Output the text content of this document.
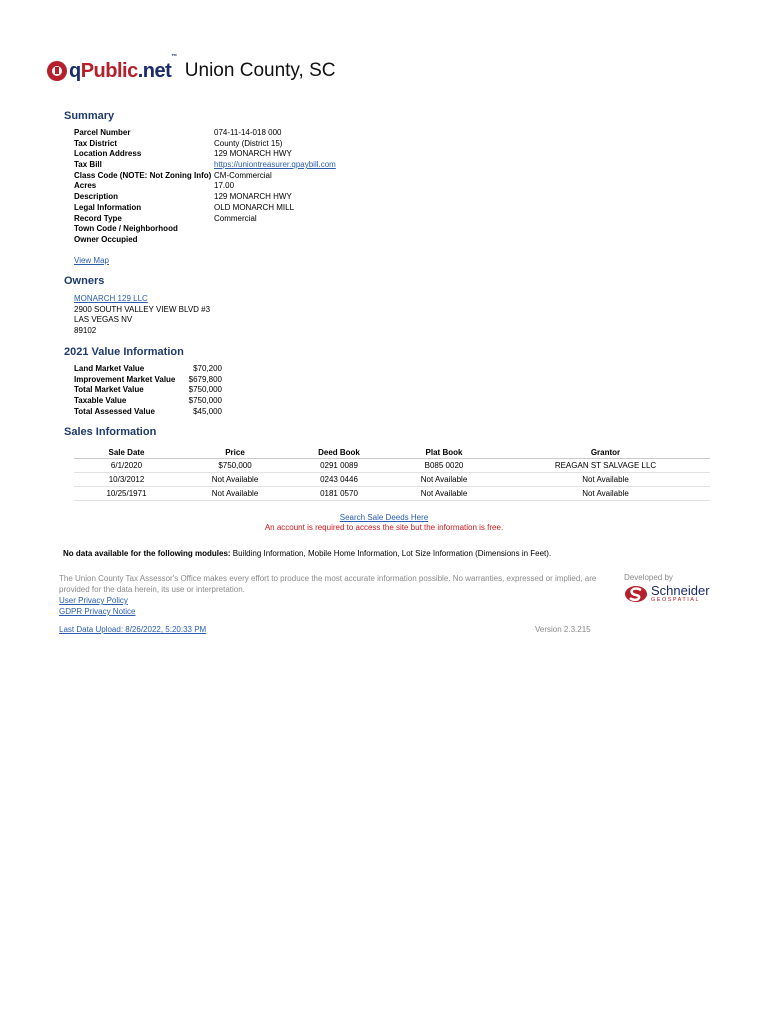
qPublic.net™
Union County, SC
Summary
Parcel Number	074-11-14-018 000
Tax District	County (District 15)
Location Address	129 MONARCH HWY
Tax Bill	https://uniontreasurer.qpaybill.com
Class Code (NOTE: Not Zoning Info) CM-Commercial
Acres	17.00
Description	129 MONARCH HWY
Legal Information	OLD MONARCH MILL
Record Type	Commercial
Town Code / Neighborhood
Owner Occupied
View Map
Owners
MONARCH 129 LLC
2900 SOUTH VALLEY VIEW BLVD #3
LAS VEGAS NV
89102
2021 Value Information
Land Market Value	$70,200
Improvement Market Value	$679,800
Total Market Value	$750,000
Taxable Value	$750,000
Total Assessed Value	$45,000
Sales Information
Sale Date	Price	Deed Book	Plat Book	Grantor
6/1/2020	$750,000	0291 0089	B085 0020	REAGAN ST SALVAGE LLC
10/3/2012	Not Available	0243 0446	Not Available	Not Available
10/25/1971	Not Available	0181 0570	Not Available	Not Available
Search Sale Deeds Here
An account is required to access the site but the information is free.
No data available for the following modules: Building Information, Mobile Home Information, Lot Size Information (Dimensions in Feet).
The Union County Tax Assessor's Office makes every effort to produce the most accurate information possible. No warranties, expressed or implied, are provided for the data herein, its use or interpretation.
User Privacy Policy
GDPR Privacy Notice
Developed by
Schneider
GEOSPATIAL
Last Data Upload: 8/26/2022, 5:20:33 PM	Version 2.3.215
